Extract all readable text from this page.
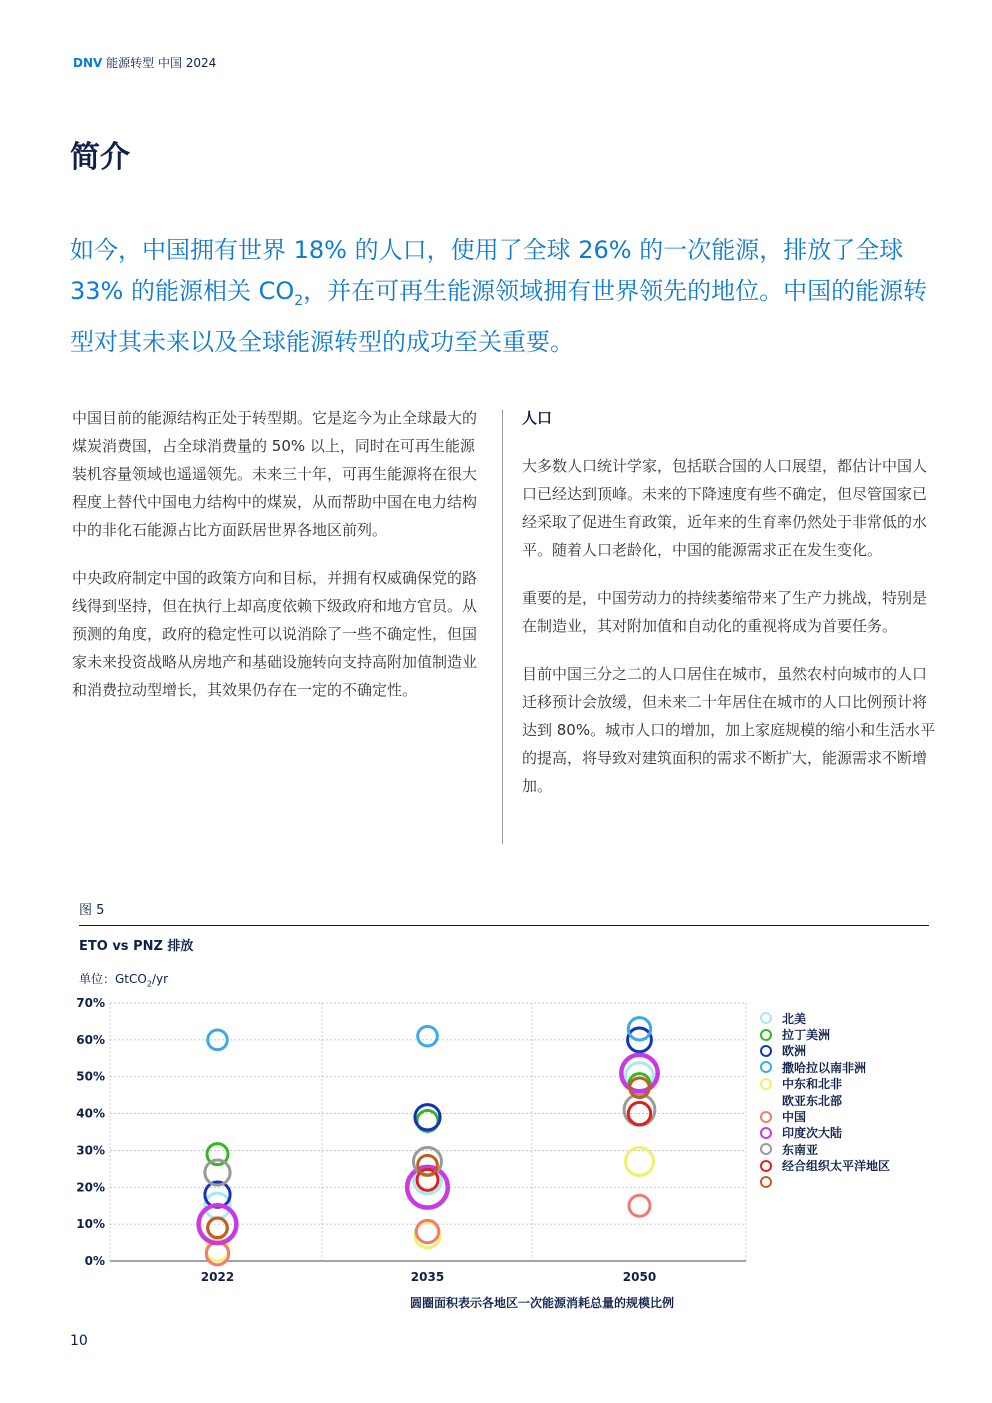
DNV 能源转型 中国 2024
简介

如今，中国拥有世界 18% 的人口，使用了全球 26% 的一次能源，排放了全球 33% 的能源相关 $CO_2$，并在可再生能源领域拥有世界领先的地位。中国的能源转型对其未来以及全球能源转型的成功至关重要。

中国目前的能源结构正处于转型期。它是迄今为止全球最大的煤炭消费国，占全球消费量的 50% 以上，同时在可再生能源装机容量领域也遥遥领先。未来三十年，可再生能源将在很大程度上替代中国电力结构中的煤炭，从而帮助中国在电力结构中的非化石能源占比方面跃居世界各地区前列。

中央政府制定中国的政策方向和目标，并拥有权威确保党的路线得到坚持，但在执行上却高度依赖下级政府和地方官员。从预测的角度，政府的稳定性可以说消除了一些不确定性，但国家未来投资战略从房地产和基础设施转向支持高附加值制造业和消费拉动型增长，其效果仍存在一定的不确定性。

人口

大多数人口统计学家，包括联合国的人口展望，都估计中国人口已经达到顶峰。未来的下降速度有些不确定，但尽管国家已经采取了促进生育政策，近年来的生育率仍然处于非常低的水平。随着人口老龄化，中国的能源需求正在发生变化。

重要的是，中国劳动力的持续萎缩带来了生产力挑战，特别是在制造业，其对附加值和自动化的重视将成为首要任务。

目前中国三分之二的人口居住在城市，虽然农村向城市的人口迁移预计会放缓，但未来二十年居住在城市的人口比例预计将达到 80%。城市人口的增加，加上家庭规模的缩小和生活水平的提高，将导致对建筑面积的需求不断扩大，能源需求不断增加。

图 5
ETO vs PNZ 排放
单位：GtCO$_2$/yr
0%
10%
20%
30%
40%
50%
60%
70%
2022	2035	2050
北美
拉丁美洲
欧洲
撒哈拉以南非洲
中东和北非
欧亚东北部
中国
印度次大陆
东南亚
经合组织太平洋地区
圆圈面积表示各地区一次能源消耗总量的规模比例
10
